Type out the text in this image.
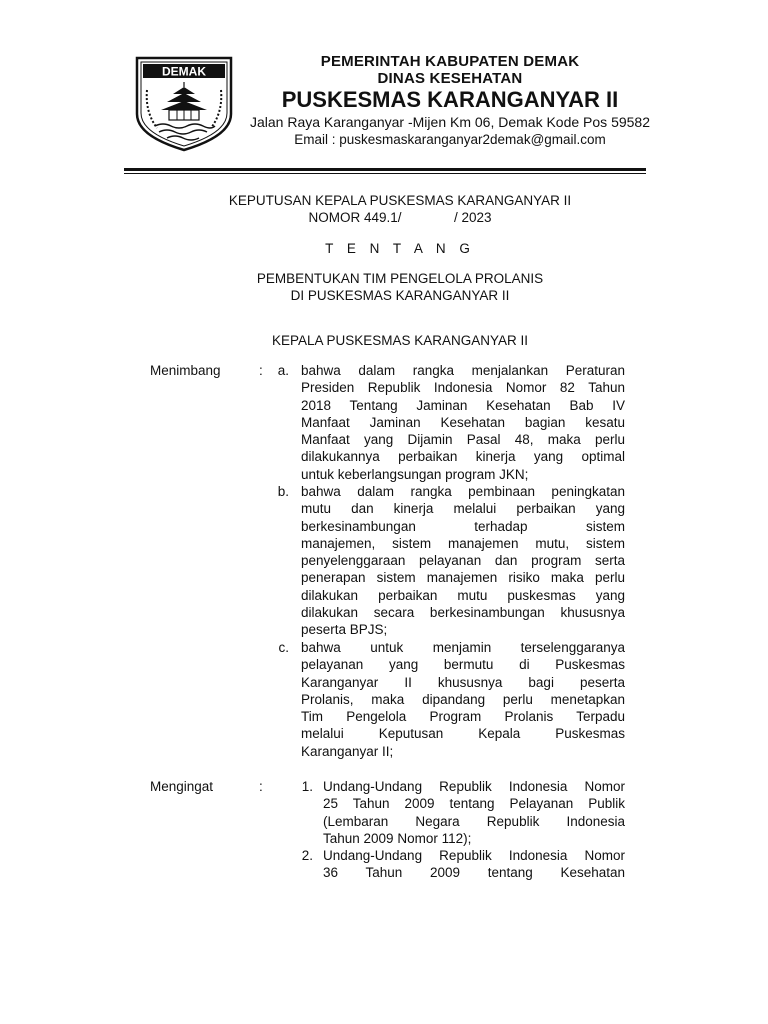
DEMAK
PEMERINTAH KABUPATEN DEMAK
DINAS KESEHATAN
PUSKESMAS KARANGANYAR II
Jalan Raya Karanganyar -Mijen Km 06, Demak Kode Pos 59582
Email : puskesmaskaranganyar2demak@gmail.com
KEPUTUSAN KEPALA PUSKESMAS KARANGANYAR II
NOMOR 449.1/              / 2023
T E N T A N G
PEMBENTUKAN TIM PENGELOLA PROLANIS
DI PUSKESMAS KARANGANYAR II
KEPALA PUSKESMAS KARANGANYAR II
Menimbang	:	a. bahwa dalam rangka menjalankan Peraturan
Presiden Republik Indonesia Nomor 82 Tahun
2018 Tentang Jaminan Kesehatan Bab IV
Manfaat Jaminan Kesehatan bagian kesatu
Manfaat yang Dijamin Pasal 48, maka perlu
dilakukannya perbaikan kinerja yang optimal
untuk keberlangsungan program JKN;
b. bahwa dalam rangka pembinaan peningkatan
mutu dan kinerja melalui perbaikan yang
berkesinambungan terhadap sistem
manajemen, sistem manajemen mutu, sistem
penyelenggaraan pelayanan dan program serta
penerapan sistem manajemen risiko maka perlu
dilakukan perbaikan mutu puskesmas yang
dilakukan secara berkesinambungan khususnya
peserta BPJS;
c. bahwa untuk menjamin terselenggaranya
pelayanan yang bermutu di Puskesmas
Karanganyar II khususnya bagi peserta
Prolanis, maka dipandang perlu menetapkan
Tim Pengelola Program Prolanis Terpadu
melalui Keputusan Kepala Puskesmas
Karanganyar II;
Mengingat	:	1. Undang-Undang Republik Indonesia Nomor
25 Tahun 2009 tentang Pelayanan Publik
(Lembaran Negara Republik Indonesia
Tahun 2009 Nomor 112);
2. Undang-Undang Republik Indonesia Nomor
36 Tahun 2009 tentang Kesehatan
